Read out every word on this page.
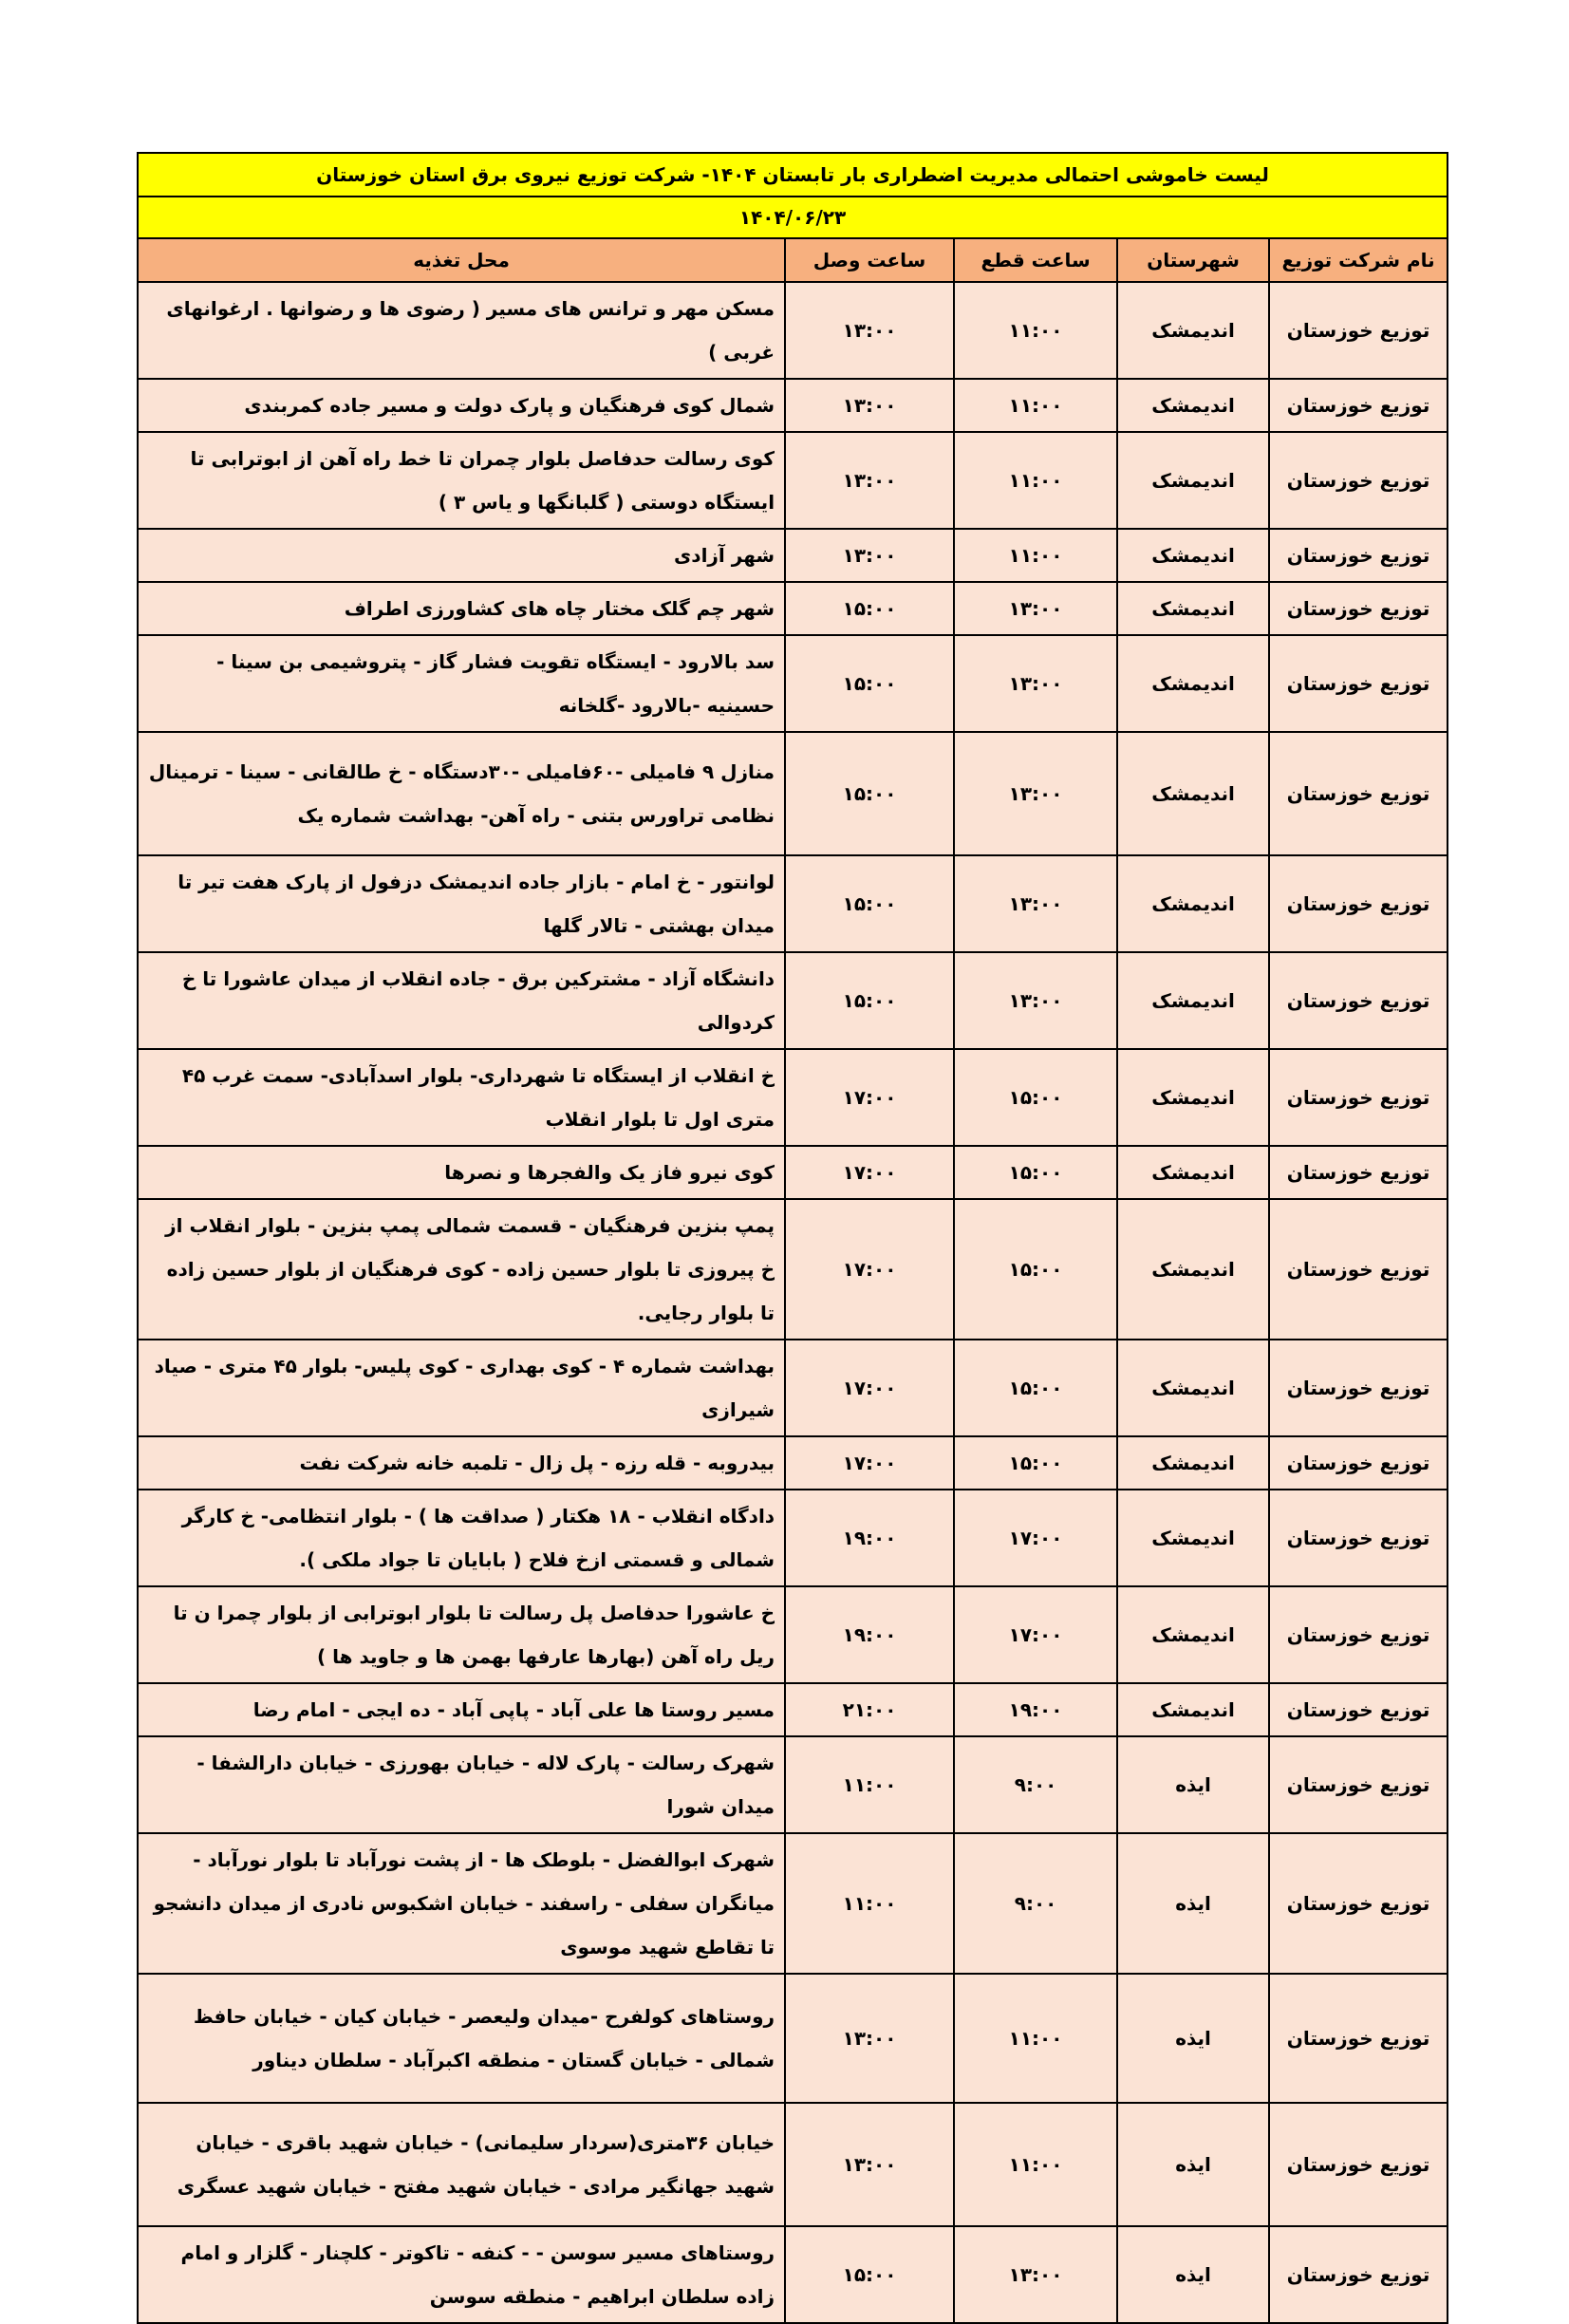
لیست خاموشی احتمالی مدیریت اضطراری بار تابستان ۱۴۰۴- شرکت توزیع نیروی برق استان خوزستان				
۱۴۰۴/۰۶/۲۳				
نام شرکت توزیع	شهرستان	ساعت قطع	ساعت وصل	محل تغذیه
توزیع خوزستان	اندیمشک	۱۱:۰۰	۱۳:۰۰	مسکن مهر و ترانس های مسیر ( رضوی ها و رضوانها . ارغوانهای غربی )
توزیع خوزستان	اندیمشک	۱۱:۰۰	۱۳:۰۰	شمال کوی فرهنگیان و پارک دولت و مسیر جاده کمربندی
توزیع خوزستان	اندیمشک	۱۱:۰۰	۱۳:۰۰	کوی رسالت حدفاصل بلوار چمران تا خط راه آهن از ابوترابی تا ایستگاه دوستی ( گلبانگها و یاس ۳ )
توزیع خوزستان	اندیمشک	۱۱:۰۰	۱۳:۰۰	شهر آزادی
توزیع خوزستان	اندیمشک	۱۳:۰۰	۱۵:۰۰	شهر چم گلک مختار چاه های کشاورزی اطراف
توزیع خوزستان	اندیمشک	۱۳:۰۰	۱۵:۰۰	سد بالارود - ایستگاه تقویت فشار گاز - پتروشیمی بن سینا - حسینیه -بالارود -گلخانه
توزیع خوزستان	اندیمشک	۱۳:۰۰	۱۵:۰۰	منازل ۹ فامیلی -۶۰فامیلی -۳۰دستگاه - خ طالقانی - سینا - ترمینال نظامی تراورس بتنی - راه آهن- بهداشت شماره یک
توزیع خوزستان	اندیمشک	۱۳:۰۰	۱۵:۰۰	لوانتور - خ امام - بازار جاده اندیمشک دزفول از پارک هفت تیر تا میدان بهشتی - تالار گلها
توزیع خوزستان	اندیمشک	۱۳:۰۰	۱۵:۰۰	دانشگاه آزاد - مشترکین برق - جاده انقلاب از میدان عاشورا تا خ کردوالی
توزیع خوزستان	اندیمشک	۱۵:۰۰	۱۷:۰۰	خ انقلاب از ایستگاه تا شهرداری- بلوار اسدآبادی- سمت غرب ۴۵ متری اول تا بلوار انقلاب
توزیع خوزستان	اندیمشک	۱۵:۰۰	۱۷:۰۰	کوی نیرو فاز یک والفجرها و نصرها
توزیع خوزستان	اندیمشک	۱۵:۰۰	۱۷:۰۰	پمپ بنزین فرهنگیان - قسمت شمالی پمپ بنزین - بلوار انقلاب از خ پیروزی تا بلوار حسین زاده - کوی فرهنگیان از بلوار حسین زاده تا بلوار رجایی.
توزیع خوزستان	اندیمشک	۱۵:۰۰	۱۷:۰۰	بهداشت شماره ۴ - کوی بهداری - کوی پلیس- بلوار ۴۵ متری - صیاد شیرازی
توزیع خوزستان	اندیمشک	۱۵:۰۰	۱۷:۰۰	بیدروبه - قله رزه - پل زال - تلمبه خانه شرکت نفت
توزیع خوزستان	اندیمشک	۱۷:۰۰	۱۹:۰۰	دادگاه انقلاب - ۱۸ هکتار ( صداقت ها ) - بلوار انتظامی- خ کارگر شمالی و قسمتی ازخ فلاح ( بابایان تا جواد ملکی ).
توزیع خوزستان	اندیمشک	۱۷:۰۰	۱۹:۰۰	خ عاشورا حدفاصل پل رسالت تا بلوار ابوترابی از بلوار چمرا ن تا ریل راه آهن (بهارها عارفها بهمن ها و جاوید ها )
توزیع خوزستان	اندیمشک	۱۹:۰۰	۲۱:۰۰	مسیر روستا ها علی آباد - پاپی آباد - ده ایجی - امام رضا
توزیع خوزستان	ایذه	۹:۰۰	۱۱:۰۰	شهرک رسالت - پارک لاله - خیابان بهورزی - خیابان دارالشفا - میدان شورا
توزیع خوزستان	ایذه	۹:۰۰	۱۱:۰۰	شهرک ابوالفضل - بلوطک ها - از پشت نورآباد تا بلوار نورآباد - میانگران سفلی - راسفند - خیابان اشکبوس نادری از میدان دانشجو تا تقاطع شهید موسوی
توزیع خوزستان	ایذه	۱۱:۰۰	۱۳:۰۰	روستاهای کولفرح -میدان ولیعصر - خیابان کیان - خیابان حافظ شمالی - خیابان گستان - منطقه اکبرآباد - سلطان دیناور
توزیع خوزستان	ایذه	۱۱:۰۰	۱۳:۰۰	خیابان ۳۶متری(سردار سلیمانی) - خیابان شهید باقری - خیابان شهید جهانگیر مرادی - خیابان شهید مفتح - خیابان شهید عسگری
توزیع خوزستان	ایذه	۱۳:۰۰	۱۵:۰۰	روستاهای مسیر سوسن - - کنفه - تاکوتر - کلچنار - گلزار و امام زاده سلطان ابراهیم - منطقه سوسن
